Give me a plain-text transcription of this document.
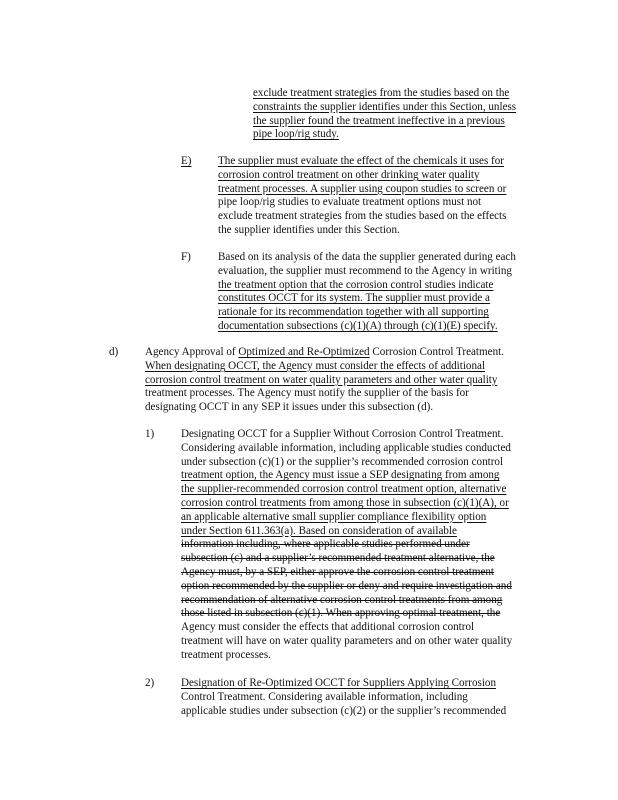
exclude treatment strategies from the studies based on the
constraints the supplier identifies under this Section, unless
the supplier found the treatment ineffective in a previous
pipe loop/rig study.
E) The supplier must evaluate the effect of the chemicals it uses for
corrosion control treatment on other drinking water quality
treatment processes. A supplier using coupon studies to screen or
pipe loop/rig studies to evaluate treatment options must not
exclude treatment strategies from the studies based on the effects
the supplier identifies under this Section.
F) Based on its analysis of the data the supplier generated during each
evaluation, the supplier must recommend to the Agency in writing
the treatment option that the corrosion control studies indicate
constitutes OCCT for its system. The supplier must provide a
rationale for its recommendation together with all supporting
documentation subsections (c)(1)(A) through (c)(1)(E) specify.
d) Agency Approval of Optimized and Re-Optimized Corrosion Control Treatment.
When designating OCCT, the Agency must consider the effects of additional
corrosion control treatment on water quality parameters and other water quality
treatment processes. The Agency must notify the supplier of the basis for
designating OCCT in any SEP it issues under this subsection (d).
1) Designating OCCT for a Supplier Without Corrosion Control Treatment.
Considering available information, including applicable studies conducted
under subsection (c)(1) or the supplier’s recommended corrosion control
treatment option, the Agency must issue a SEP designating from among
the supplier-recommended corrosion control treatment option, alternative
corrosion control treatments from among those in subsection (c)(1)(A), or
an applicable alternative small supplier compliance flexibility option
under Section 611.363(a). Based on consideration of available
information including, where applicable studies performed under
subsection (c) and a supplier’s recommended treatment alternative, the
Agency must, by a SEP, either approve the corrosion control treatment
option recommended by the supplier or deny and require investigation and
recommendation of alternative corrosion control treatments from among
those listed in subsection (c)(1). When approving optimal treatment, the
Agency must consider the effects that additional corrosion control
treatment will have on water quality parameters and on other water quality
treatment processes.
2) Designation of Re-Optimized OCCT for Suppliers Applying Corrosion
Control Treatment. Considering available information, including
applicable studies under subsection (c)(2) or the supplier’s recommended
